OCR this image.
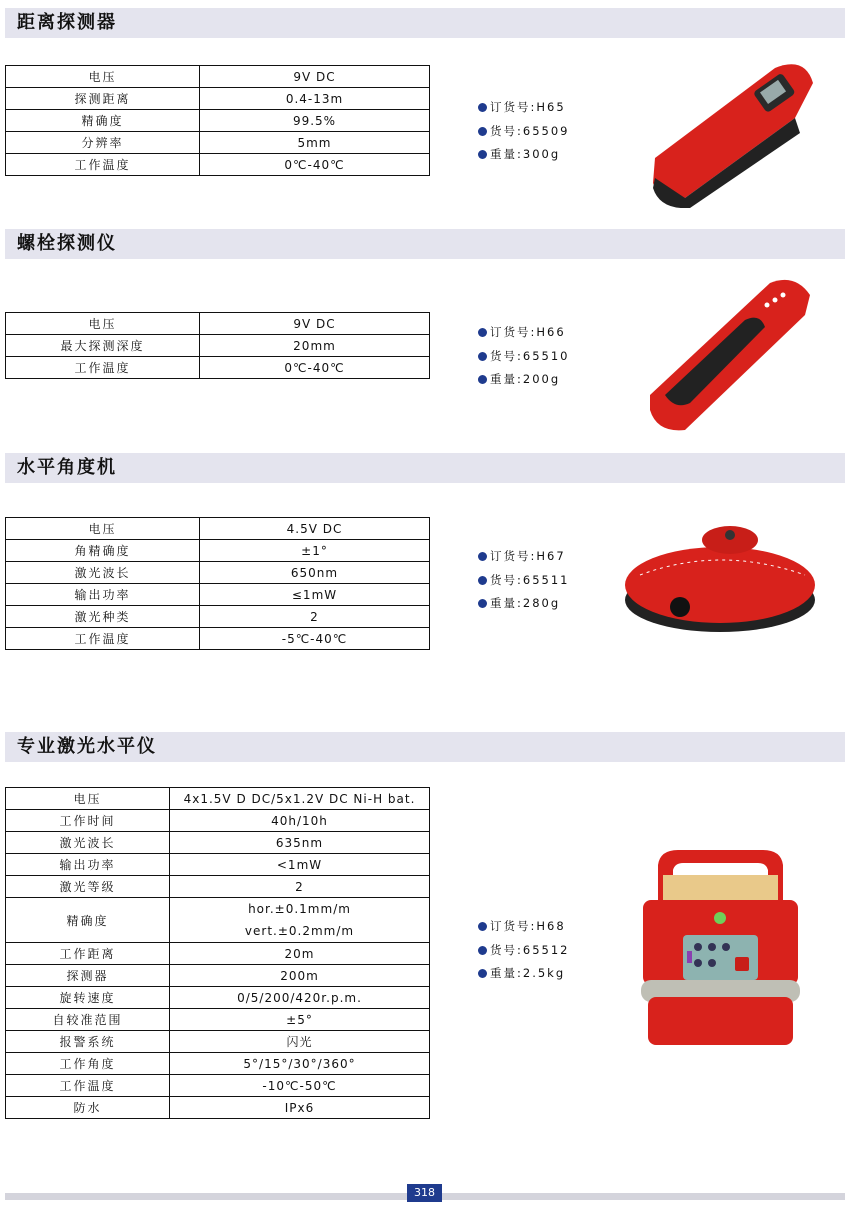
距离探测器
电压	9V DC
探测距离	0.4-13m
精确度	99.5%
分辨率	5mm
工作温度	0℃-40℃
订货号:H65
货号:65509
重量:300g
螺栓探测仪
电压	9V DC
最大探测深度	20mm
工作温度	0℃-40℃
订货号:H66
货号:65510
重量:200g
水平角度机
电压	4.5V DC
角精确度	±1°
激光波长	650nm
输出功率	≤1mW
激光种类	2
工作温度	-5℃-40℃
订货号:H67
货号:65511
重量:280g
专业激光水平仪
电压	4x1.5V D DC/5x1.2V DC Ni-H bat.
工作时间	40h/10h
激光波长	635nm
输出功率	<1mW
激光等级	2
精确度	hor.±0.1mm/m
vert.±0.2mm/m

工作距离	20m
探测器	200m
旋转速度	0/5/200/420r.p.m.
自较准范围	±5°
报警系统	闪光
工作角度	5°/15°/30°/360°
工作温度	-10℃-50℃
防水	IPx6
订货号:H68
货号:65512
重量:2.5kg
318
